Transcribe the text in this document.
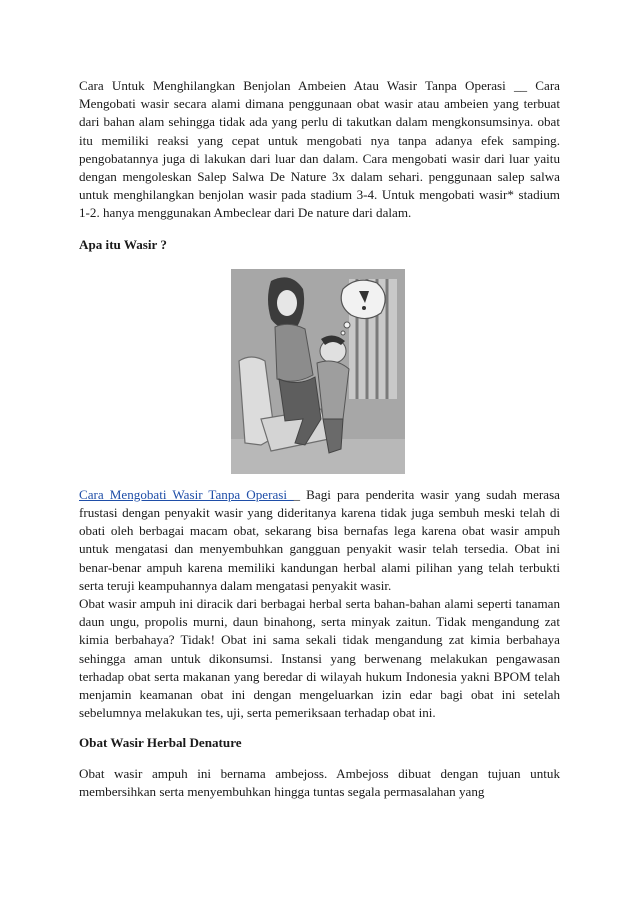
Cara Untuk Menghilangkan Benjolan Ambeien Atau Wasir Tanpa Operasi __ Cara Mengobati wasir secara alami dimana penggunaan obat wasir atau ambeien yang terbuat dari bahan alam sehingga tidak ada yang perlu di takutkan dalam mengkonsumsinya. obat itu memiliki reaksi yang cepat untuk mengobati nya tanpa adanya efek samping. pengobatannya juga di lakukan dari luar dan dalam. Cara mengobati wasir dari luar yaitu dengan mengoleskan Salep Salwa De Nature 3x dalam sehari. penggunaan salep salwa untuk menghilangkan benjolan wasir pada stadium 3-4. Untuk mengobati wasir* stadium 1-2. hanya menggunakan Ambeclear dari De nature dari dalam.

Apa itu Wasir ?

Cara Mengobati Wasir Tanpa Operasi__ Bagi para penderita wasir yang sudah merasa frustasi dengan penyakit wasir yang dideritanya karena tidak juga sembuh meski telah di obati oleh berbagai macam obat, sekarang bisa bernafas lega karena obat wasir ampuh untuk mengatasi dan menyembuhkan gangguan penyakit wasir telah tersedia. Obat ini benar-benar ampuh karena memiliki kandungan herbal alami pilihan yang telah terbukti serta teruji keampuhannya dalam mengatasi penyakit wasir.

Obat wasir ampuh ini diracik dari berbagai herbal serta bahan-bahan alami seperti tanaman daun ungu, propolis murni, daun binahong, serta minyak zaitun. Tidak mengandung zat kimia berbahaya? Tidak! Obat ini sama sekali tidak mengandung zat kimia berbahaya sehingga aman untuk dikonsumsi. Instansi yang berwenang melakukan pengawasan terhadap obat serta makanan yang beredar di wilayah hukum Indonesia yakni BPOM telah menjamin keamanan obat ini dengan mengeluarkan izin edar bagi obat ini setelah sebelumnya melakukan tes, uji, serta pemeriksaan terhadap obat ini.

Obat Wasir Herbal Denature

Obat wasir ampuh ini bernama ambejoss. Ambejoss dibuat dengan tujuan untuk membersihkan serta menyembuhkan hingga tuntas segala permasalahan yang
